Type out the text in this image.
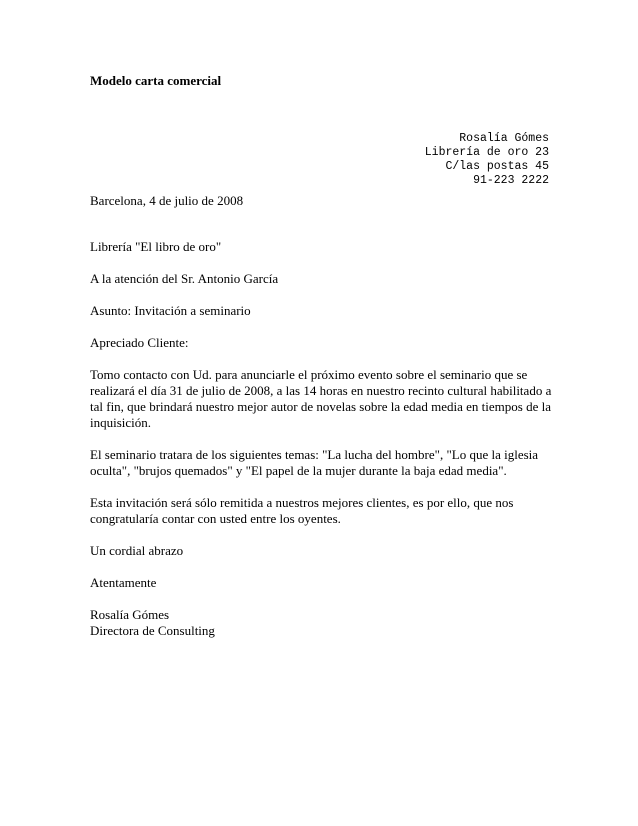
Modelo carta comercial
Rosalía Gómes
Librería de oro 23
C/las postas 45
91-223 2222

Barcelona, 4 de julio de 2008

Librería "El libro de oro"

A la atención del Sr. Antonio García

Asunto: Invitación a seminario

Apreciado Cliente:

Tomo contacto con Ud. para anunciarle el próximo evento sobre el seminario que se realizará el día 31 de julio de 2008, a las 14 horas en nuestro recinto cultural habilitado a tal fin, que brindará nuestro mejor autor de novelas sobre la edad media en tiempos de la inquisición.

El seminario tratara de los siguientes temas: "La lucha del hombre", "Lo que la iglesia oculta", "brujos quemados" y "El papel de la mujer durante la baja edad media".

Esta invitación será sólo remitida a nuestros mejores clientes, es por ello, que nos congratularía contar con usted entre los oyentes.

Un cordial abrazo

Atentamente

Rosalía Gómes

Directora de Consulting
